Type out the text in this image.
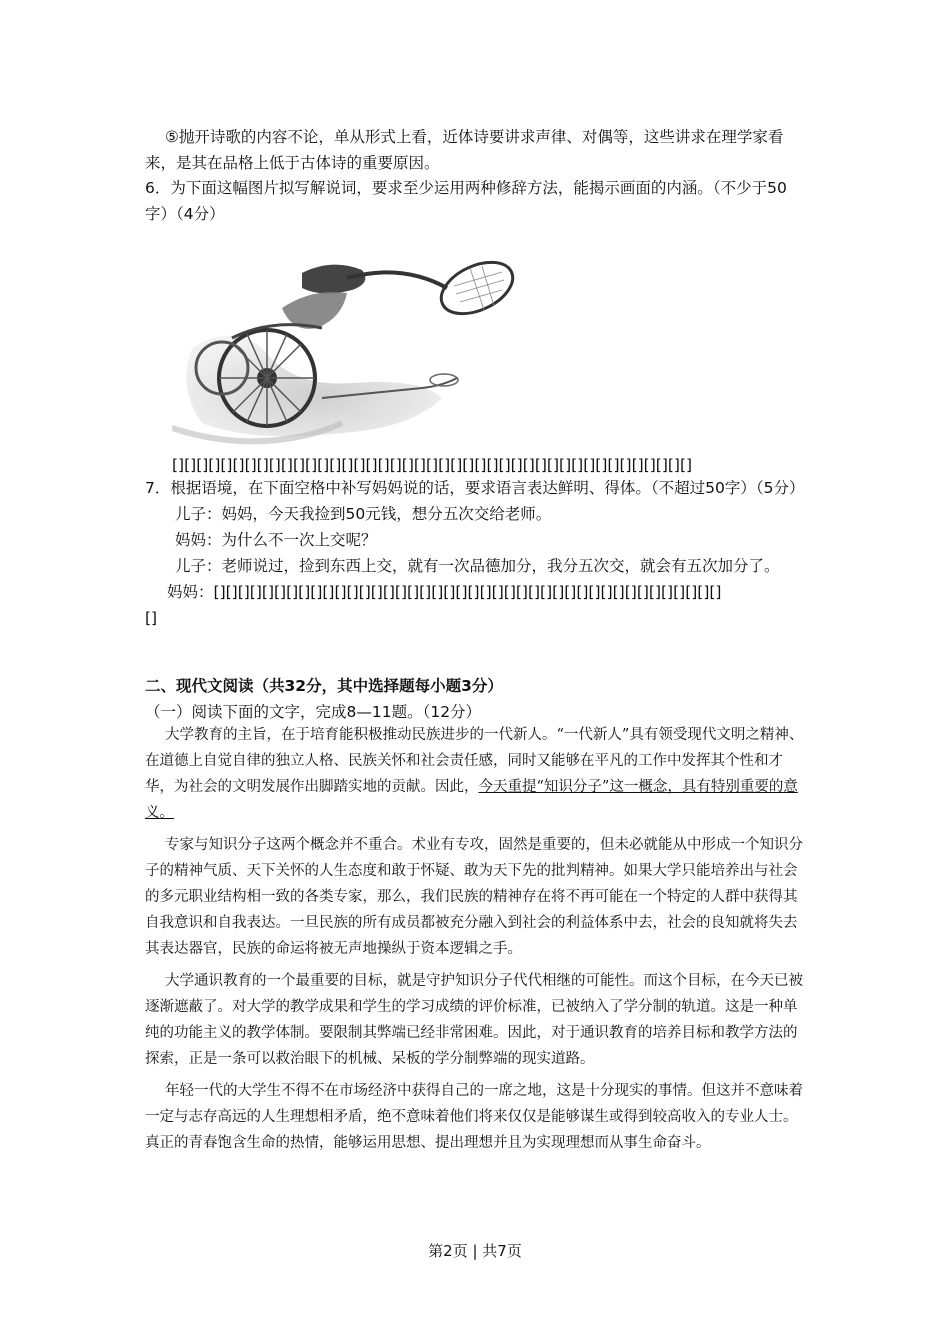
⑤抛开诗歌的内容不论，单从形式上看，近体诗要讲求声律、对偶等，这些讲求在理学家看来，是其在品格上低于古体诗的重要原因。

6．为下面这幅图片拟写解说词，要求至少运用两种修辞方法，能揭示画面的内涵。（不少于50字）（4分）

[][][][][][][][][][][][][][][][][][][][][][][][][][][][][][][][][][][][][][][][][][][]

7．根据语境，在下面空格中补写妈妈说的话，要求语言表达鲜明、得体。（不超过50字）（5分）

儿子：妈妈，今天我捡到50元钱，想分五次交给老师。

妈妈：为什么不一次上交呢？

儿子：老师说过，捡到东西上交，就有一次品德加分，我分五次交，就会有五次加分了。

妈妈：[][][][][][][][][][][][][][][][][][][][][][][][][][][][][][][][][][][][][][][][][][]

[]

二、现代文阅读（共32分，其中选择题每小题3分）

（一）阅读下面的文字，完成8—11题。（12分）

大学教育的主旨，在于培育能积极推动民族进步的一代新人。“一代新人”具有领受现代文明之精神、在道德上自觉自律的独立人格、民族关怀和社会责任感，同时又能够在平凡的工作中发挥其个性和才华，为社会的文明发展作出脚踏实地的贡献。因此，今天重提“知识分子”这一概念，具有特别重要的意义。

专家与知识分子这两个概念并不重合。术业有专攻，固然是重要的，但未必就能从中形成一个知识分子的精神气质、天下关怀的人生态度和敢于怀疑、敢为天下先的批判精神。如果大学只能培养出与社会的多元职业结构相一致的各类专家，那么，我们民族的精神存在将不再可能在一个特定的人群中获得其自我意识和自我表达。一旦民族的所有成员都被充分融入到社会的利益体系中去，社会的良知就将失去其表达器官，民族的命运将被无声地操纵于资本逻辑之手。

大学通识教育的一个最重要的目标，就是守护知识分子代代相继的可能性。而这个目标，在今天已被逐渐遮蔽了。对大学的教学成果和学生的学习成绩的评价标准，已被纳入了学分制的轨道。这是一种单纯的功能主义的教学体制。要限制其弊端已经非常困难。因此，对于通识教育的培养目标和教学方法的探索，正是一条可以救治眼下的机械、呆板的学分制弊端的现实道路。

年轻一代的大学生不得不在市场经济中获得自己的一席之地，这是十分现实的事情。但这并不意味着一定与志存高远的人生理想相矛盾，绝不意味着他们将来仅仅是能够谋生或得到较高收入的专业人士。真正的青春饱含生命的热情，能够运用思想、提出理想并且为实现理想而从事生命奋斗。

第2页 | 共7页
